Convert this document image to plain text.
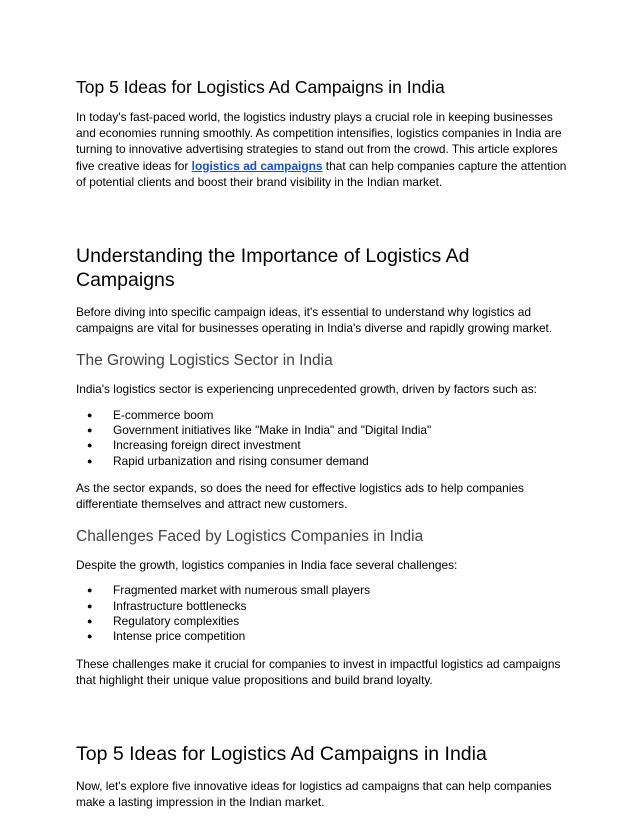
Top 5 Ideas for Logistics Ad Campaigns in India

In today's fast-paced world, the logistics industry plays a crucial role in keeping businesses and economies running smoothly. As competition intensifies, logistics companies in India are turning to innovative advertising strategies to stand out from the crowd. This article explores five creative ideas for logistics ad campaigns that can help companies capture the attention of potential clients and boost their brand visibility in the Indian market.

Understanding the Importance of Logistics Ad Campaigns

Before diving into specific campaign ideas, it's essential to understand why logistics ad campaigns are vital for businesses operating in India's diverse and rapidly growing market.

The Growing Logistics Sector in India

India's logistics sector is experiencing unprecedented growth, driven by factors such as:

● E-commerce boom
● Government initiatives like "Make in India" and "Digital India"
● Increasing foreign direct investment
● Rapid urbanization and rising consumer demand

As the sector expands, so does the need for effective logistics ads to help companies differentiate themselves and attract new customers.

Challenges Faced by Logistics Companies in India

Despite the growth, logistics companies in India face several challenges:

● Fragmented market with numerous small players
● Infrastructure bottlenecks
● Regulatory complexities
● Intense price competition

These challenges make it crucial for companies to invest in impactful logistics ad campaigns that highlight their unique value propositions and build brand loyalty.

Top 5 Ideas for Logistics Ad Campaigns in India

Now, let's explore five innovative ideas for logistics ad campaigns that can help companies make a lasting impression in the Indian market.
